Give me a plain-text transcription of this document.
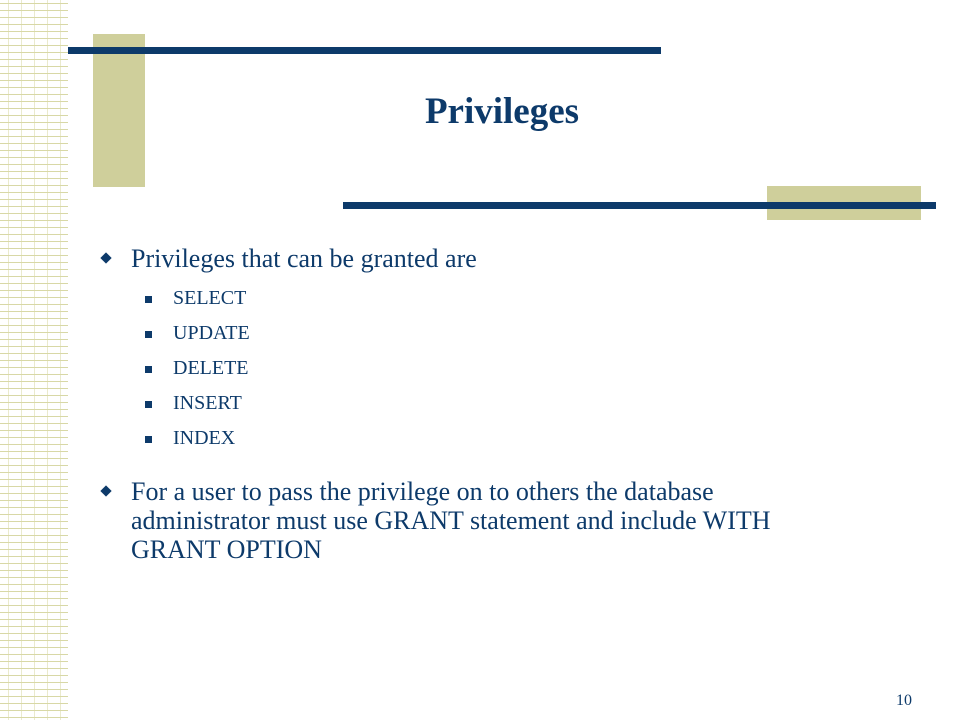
Privileges

Privileges that can be granted are

SELECT
UPDATE
DELETE
INSERT
INDEX

For a user to pass the privilege on to others the database administrator must use GRANT statement and include WITH GRANT OPTION

10
